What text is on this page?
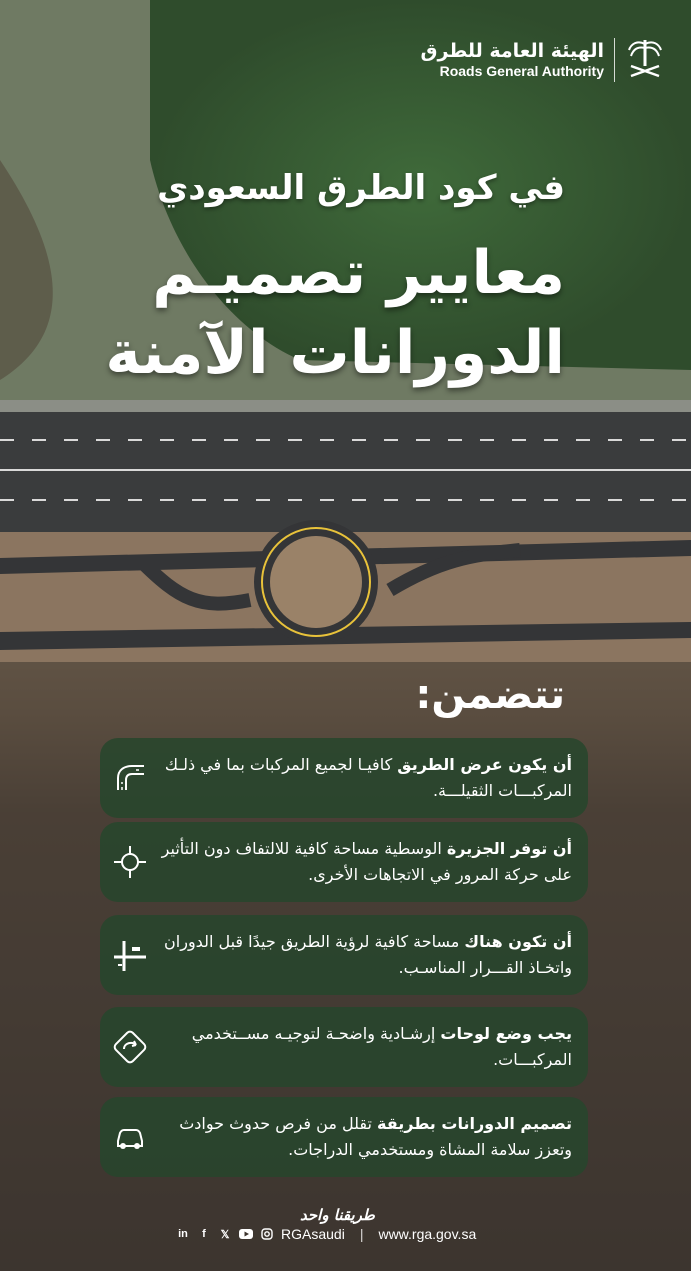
الهيئة العامة للطرق
Roads General Authority
في كود الطرق السعودي
معايير تصميـم
الدورانات الآمنة
تتضمن:
أن يكون عرض الطريق كافيـا لجميع المركبات بما في ذلـك المركبـــات الثقيلـــة.
أن توفر الجزيرة الوسطية مساحة كافية للالتفاف دون التأثير على حركة المرور في الاتجاهات الأخرى.
أن تكون هناك مساحة كافية لرؤية الطريق جيدًا قبل الدوران واتخـاذ القـــرار المناسـب.
يجب وضع لوحات إرشـادية واضحـة لتوجيـه مســتخدمي المركبـــات.
تصميم الدورانات بطريقة تقلل من فرص حدوث حوادث وتعزز سلامة المشاة ومستخدمي الدراجات.
طريقنا واحد
in	f	𝕏	RGAsaudi | www.rga.gov.sa
